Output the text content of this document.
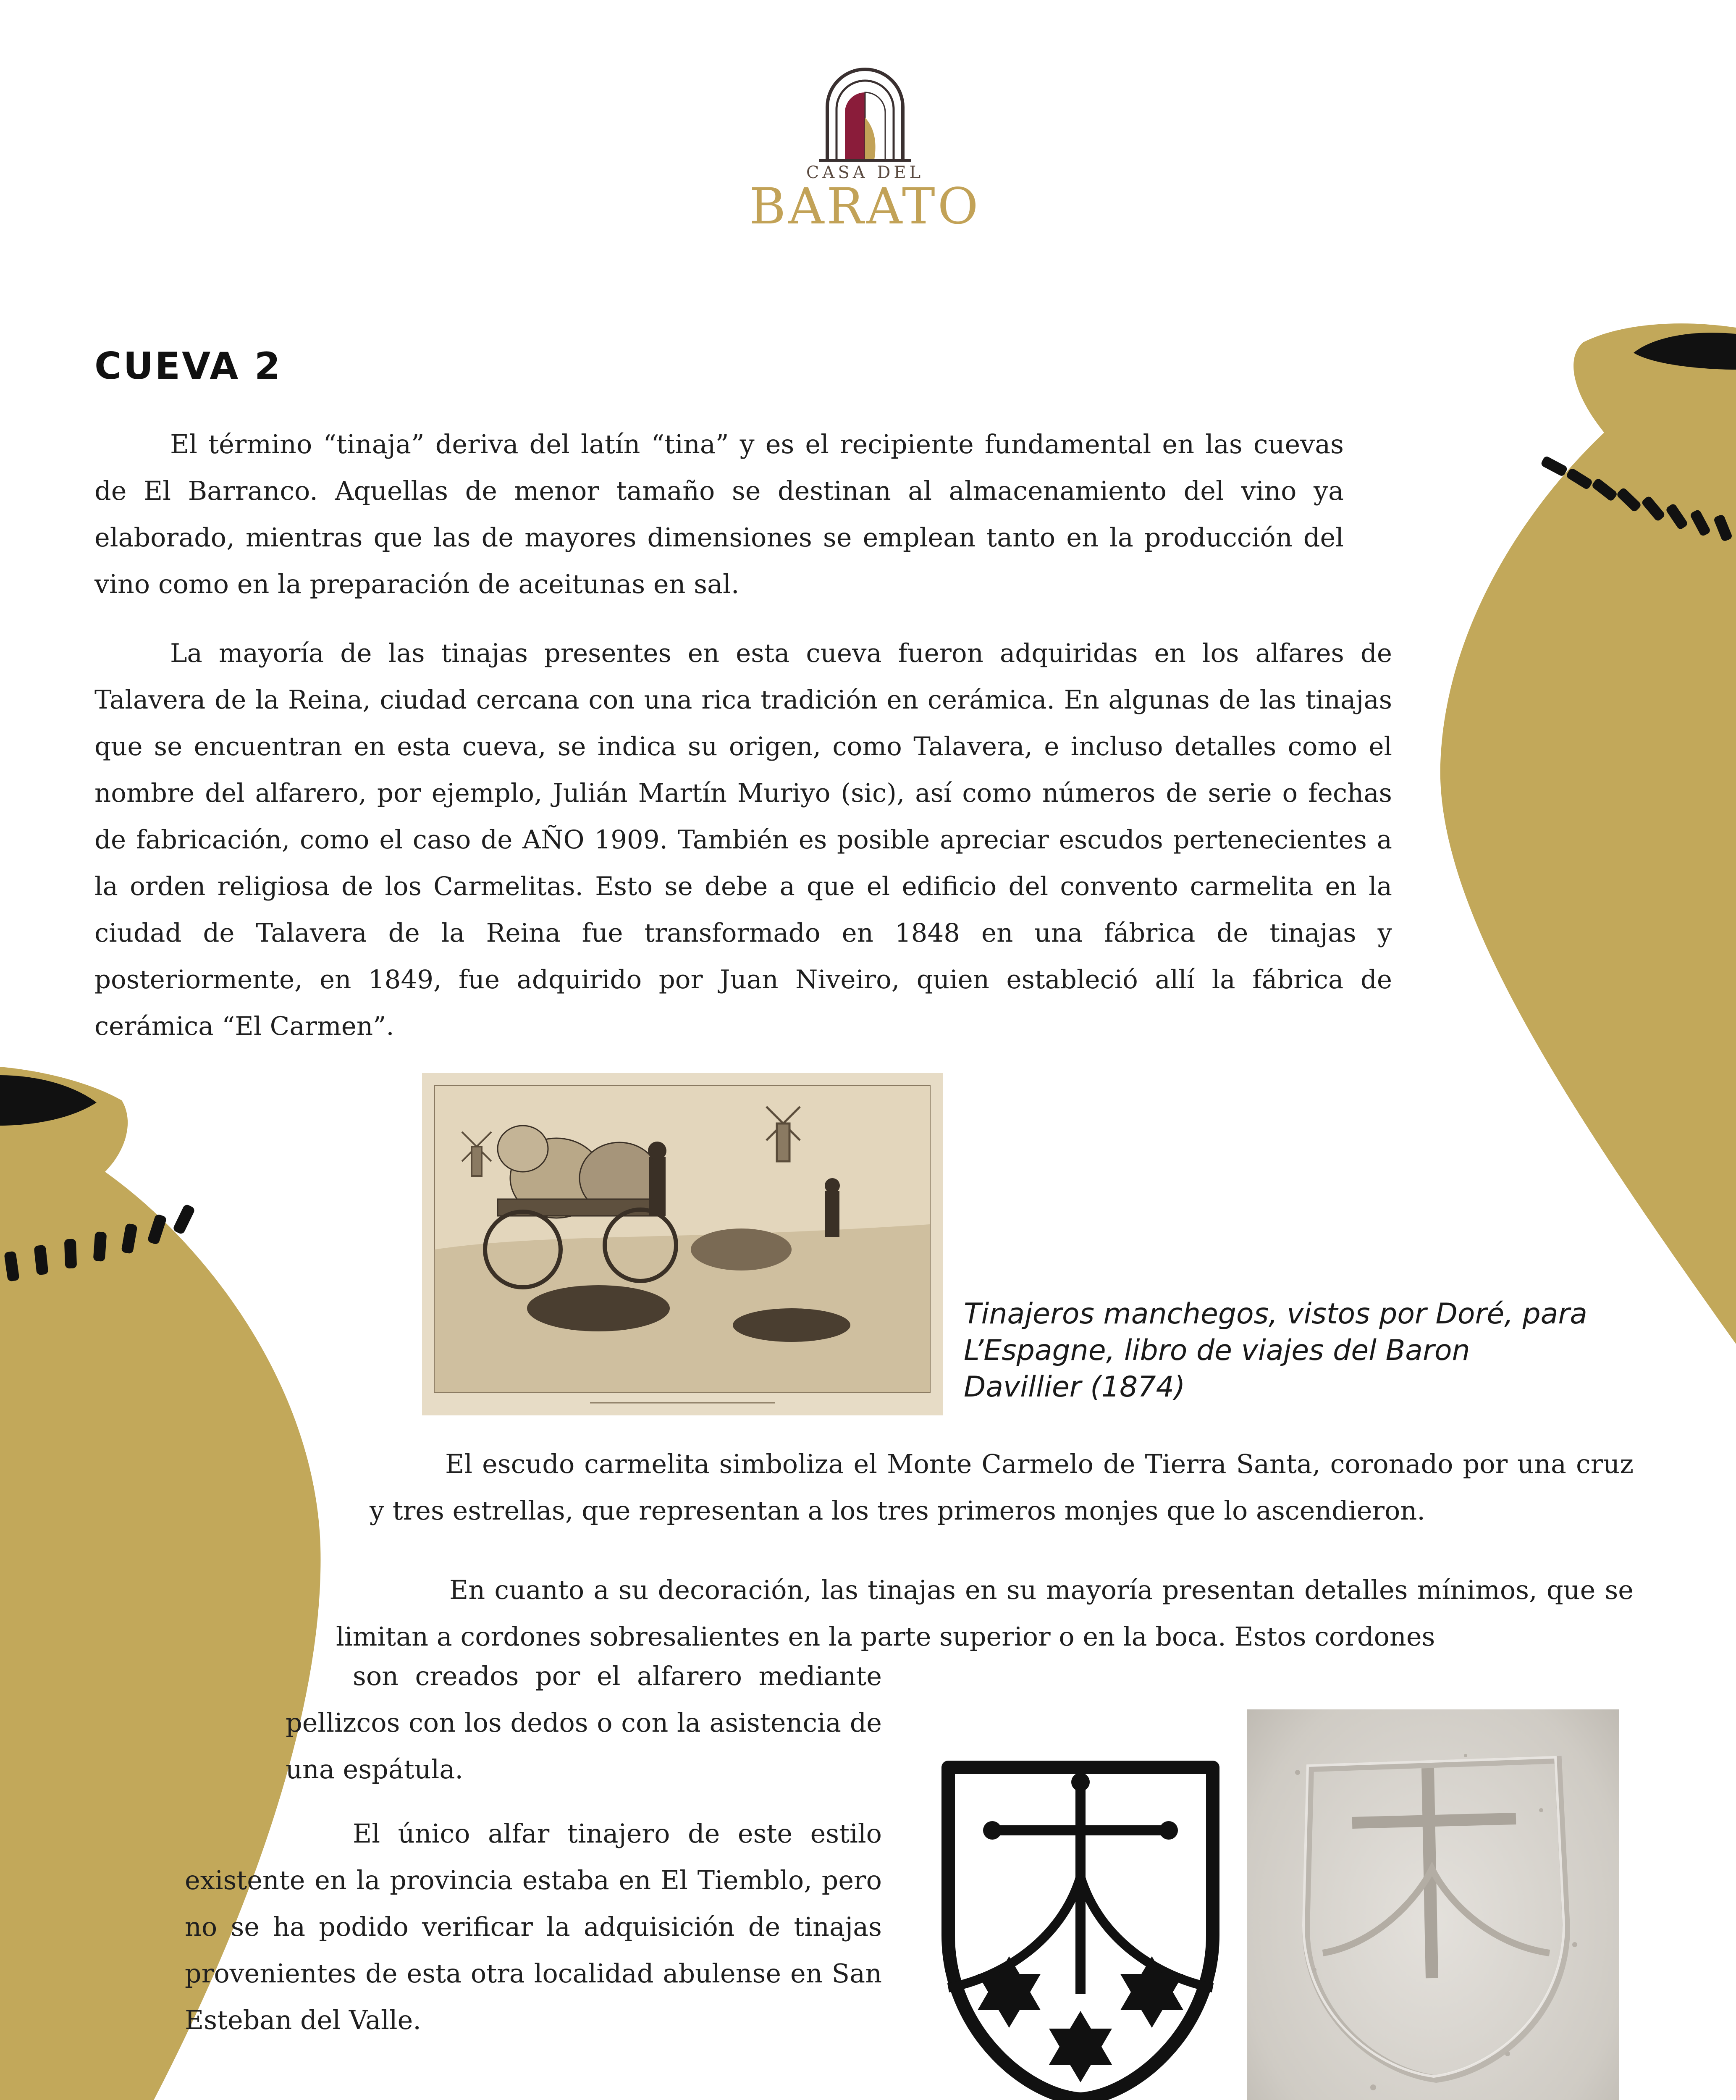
CASA DEL
BARATO
CUEVA 2

El término “tinaja” deriva del latín “tina” y es el recipiente fundamental en las cuevas de El Barranco. Aquellas de menor tamaño se destinan al almacenamiento del vino ya elaborado, mientras que las de mayores dimensiones se emplean tanto en la producción del vino como en la preparación de aceitunas en sal.

La mayoría de las tinajas presentes en esta cueva fueron adquiridas en los alfares de Talavera de la Reina, ciudad cercana con una rica tradición en cerámica. En algunas de las tinajas que se encuentran en esta cueva, se indica su origen, como Talavera, e incluso detalles como el nombre del alfarero, por ejemplo, Julián Martín Muriyo (sic), así como números de serie o fechas de fabricación, como el caso de AÑO 1909. También es posible apreciar escudos pertenecientes a la orden religiosa de los Carmelitas. Esto se debe a que el edificio del convento carmelita en la ciudad de Talavera de la Reina fue transformado en 1848 en una fábrica de tinajas y posteriormente, en 1849, fue adquirido por Juan Niveiro, quien estableció allí la fábrica de cerámica “El Carmen”.

Tinajeros manchegos, vistos por Doré, para L’Espagne, libro de viajes del Baron Davillier (1874)

El escudo carmelita simboliza el Monte Carmelo de Tierra Santa, coronado por una cruz y tres estrellas, que representan a los tres primeros monjes que lo ascendieron.

En cuanto a su decoración, las tinajas en su mayoría presentan detalles mínimos, que se limitan a cordones sobresalientes en la parte superior o en la boca. Estos cordones

son creados por el alfarero mediante pellizcos con los dedos o con la asistencia de una espátula.

El único alfar tinajero de este estilo existente en la provincia estaba en El Tiemblo, pero no se ha podido verificar la adquisición de tinajas provenientes de esta otra localidad abulense en San Esteban del Valle.
